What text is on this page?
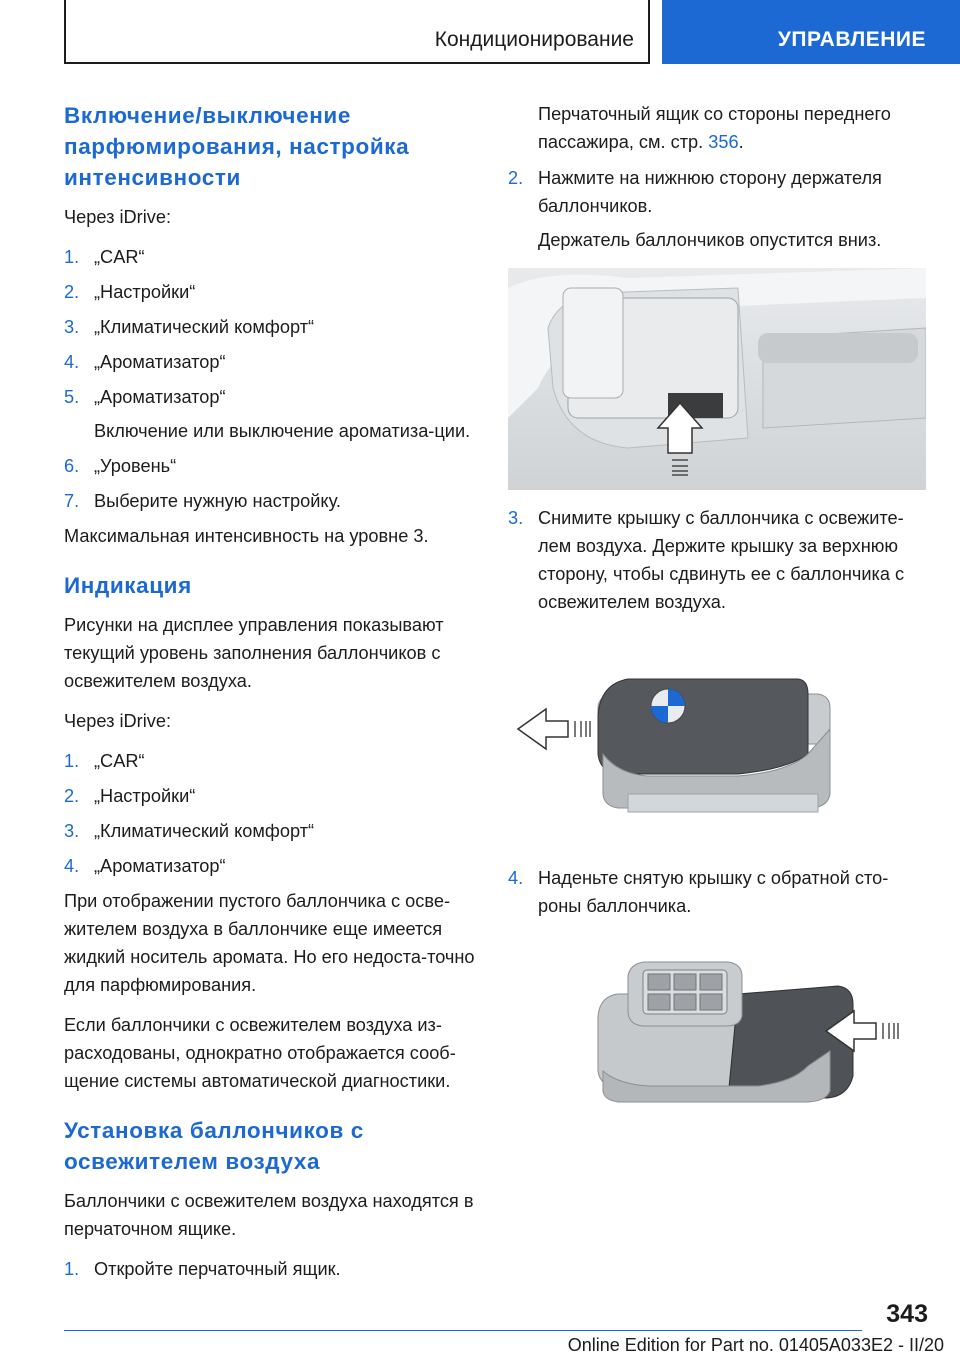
Кондиционирование	УПРАВЛЕНИЕ
Включение/выключение парфюмирования, настройка интенсивности

Через iDrive:

1. „CAR“
2. „Настройки“
3. „Климатический комфорт“
4. „Ароматизатор“
5. „Ароматизатор“
Включение или выключение ароматиза-ции.
6. „Уровень“
7. Выберите нужную настройку.

Максимальная интенсивность на уровне 3.

Индикация

Рисунки на дисплее управления показывают текущий уровень заполнения баллончиков с освежителем воздуха.

Через iDrive:

1. „CAR“
2. „Настройки“
3. „Климатический комфорт“
4. „Ароматизатор“

При отображении пустого баллончика с осве-жителем воздуха в баллончике еще имеется жидкий носитель аромата. Но его недоста-точно для парфюмирования.

Если баллончики с освежителем воздуха из-расходованы, однократно отображается сооб-щение системы автоматической диагностики.

Установка баллончиков с освежителем воздуха

Баллончики с освежителем воздуха находятся в перчаточном ящике.

1. Откройте перчаточный ящик.
Перчаточный ящик со стороны переднего пассажира, см. стр. 356.
2. Нажмите на нижнюю сторону держателя баллончиков.
Держатель баллончиков опустится вниз.
3. Снимите крышку с баллончика с освежите-лем воздуха. Держите крышку за верхнюю сторону, чтобы сдвинуть ее с баллончика с освежителем воздуха.
4. Наденьте снятую крышку с обратной сто-роны баллончика.
343
Online Edition for Part no. 01405A033E2 - II/20
